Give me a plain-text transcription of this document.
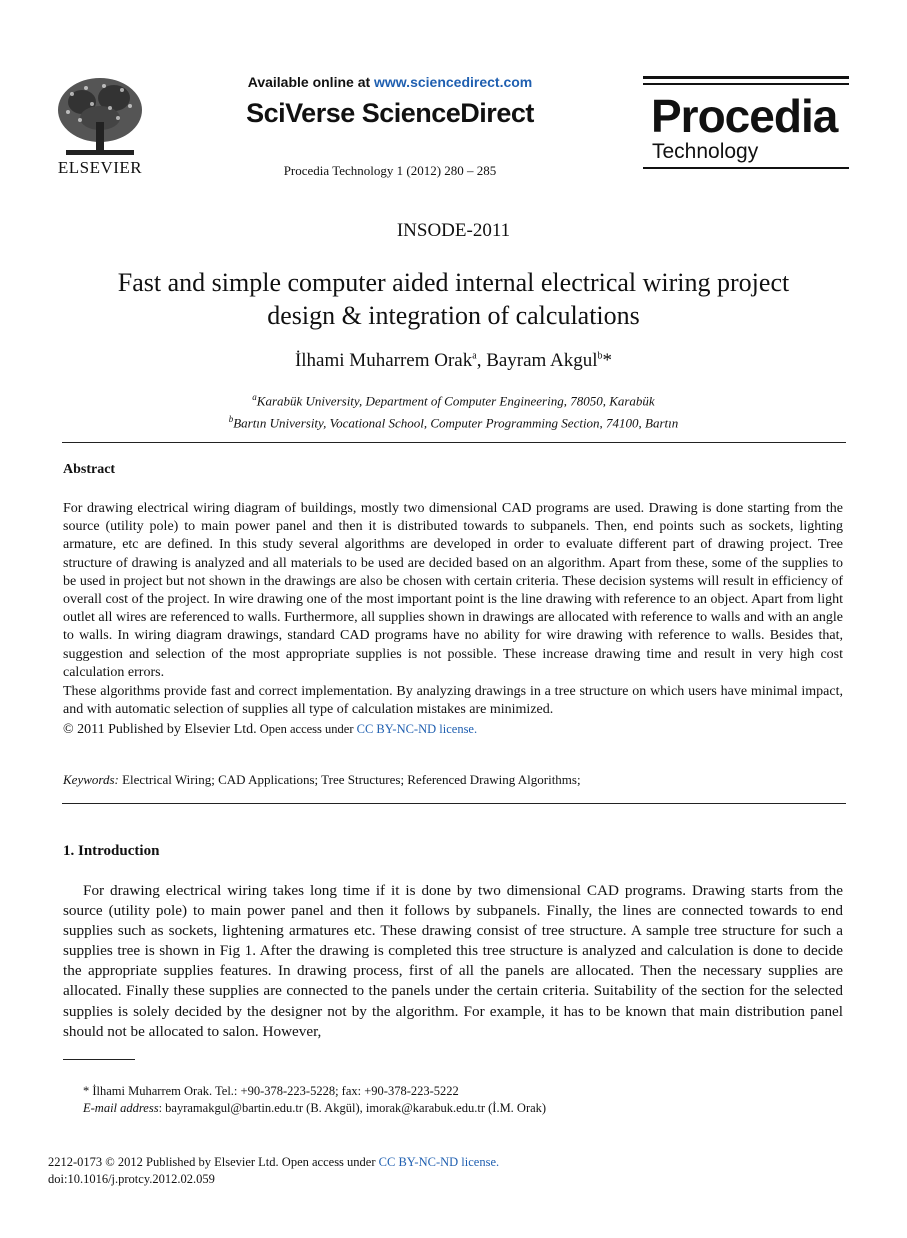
ELSEVIER
Available online at www.sciencedirect.com
SciVerse ScienceDirect
Procedia Technology 1 (2012) 280 – 285
Procedia
Technology
INSODE-2011
Fast and simple computer aided internal electrical wiring project
design & integration of calculations
İlhami Muharrem Orak$^a$, Bayram Akgul$^b$*
$^a$Karabük University, Department of Computer Engineering, 78050, Karabük
$^b$Bartın University, Vocational School, Computer Programming Section, 74100, Bartın
Abstract
For drawing electrical wiring diagram of buildings, mostly two dimensional CAD programs are used. Drawing is done starting from the source (utility pole) to main power panel and then it is distributed towards to subpanels. Then, end points such as sockets, lighting armature, etc are defined. In this study several algorithms are developed in order to evaluate different part of drawing project. Tree structure of drawing is analyzed and all materials to be used are decided based on an algorithm. Apart from these, some of the supplies to be used in project but not shown in the drawings are also be chosen with certain criteria. These decision systems will result in efficiency of overall cost of the project. In wire drawing one of the most important point is the line drawing with reference to an object. Apart from light outlet all wires are referenced to walls. Furthermore, all supplies shown in drawings are allocated with reference to walls and with an angle to walls. In wiring diagram drawings, standard CAD programs have no ability for wire drawing with reference to walls. Besides that, suggestion and selection of the most appropriate supplies is not possible. These increase drawing time and result in very high cost calculation errors.
These algorithms provide fast and correct implementation. By analyzing drawings in a tree structure on which users have minimal impact, and with automatic selection of supplies all type of calculation mistakes are minimized.
© 2011 Published by Elsevier Ltd. Open access under CC BY-NC-ND license.
Keywords: Electrical Wiring; CAD Applications; Tree Structures; Referenced Drawing Algorithms;
1. Introduction
For drawing electrical wiring takes long time if it is done by two dimensional CAD programs. Drawing starts from the source (utility pole) to main power panel and then it follows by subpanels. Finally, the lines are connected towards to end supplies such as sockets, lightening armatures etc. These drawing consist of tree structure. A sample tree structure for such a supplies tree is shown in Fig 1. After the drawing is completed this tree structure is analyzed and calculation is done to decide the appropriate supplies features. In drawing process, first of all the panels are allocated. Then the necessary supplies are allocated. Finally these supplies are connected to the panels under the certain criteria. Suitability of the section for the selected supplies is solely decided by the designer not by the algorithm. For example, it has to be known that main distribution panel should not be allocated to salon. However,
* İlhami Muharrem Orak. Tel.: +90-378-223-5228; fax: +90-378-223-5222
E-mail address: bayramakgul@bartin.edu.tr (B. Akgül), imorak@karabuk.edu.tr (İ.M. Orak)
2212-0173 © 2012 Published by Elsevier Ltd. Open access under CC BY-NC-ND license.
doi:10.1016/j.protcy.2012.02.059
